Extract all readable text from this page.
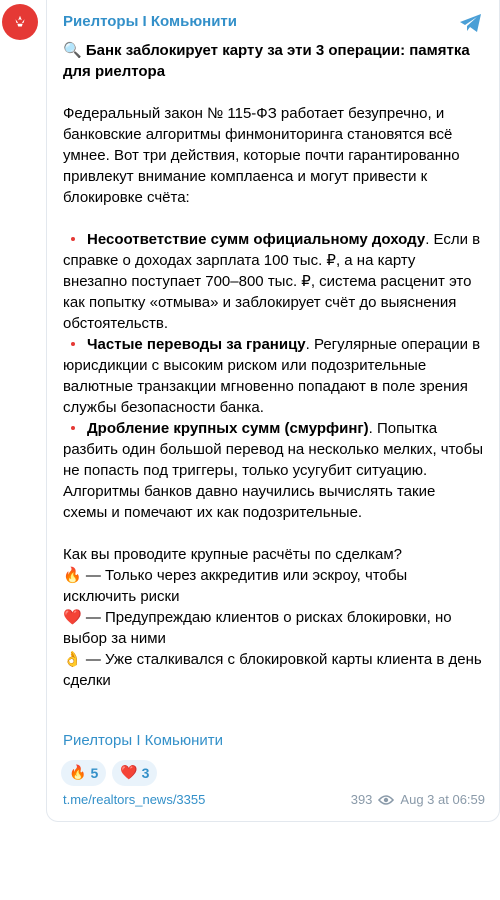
Риелторы I Комьюнити

🔍 Банк заблокирует карту за эти 3 операции: памятка для риелтора

Федеральный закон № 115-ФЗ работает безупречно, и банковские алгоритмы финмониторинга становятся всё умнее. Вот три действия, которые почти гарантированно привлекут внимание комплаенса и могут привести к блокировке счёта:

Несоответствие сумм официальному доходу. Если в справке о доходах зарплата 100 тыс. ₽, а на карту внезапно поступает 700–800 тыс. ₽, система расценит это как попытку «отмыва» и заблокирует счёт до выяснения обстоятельств.

Частые переводы за границу. Регулярные операции в юрисдикции с высоким риском или подозрительные валютные транзакции мгновенно попадают в поле зрения службы безопасности банка.

Дробление крупных сумм (смурфинг). Попытка разбить один большой перевод на несколько мелких, чтобы не попасть под триггеры, только усугубит ситуацию. Алгоритмы банков давно научились вычислять такие схемы и помечают их как подозрительные.

Как вы проводите крупные расчёты по сделкам?

🔥 — Только через аккредитив или эскроу, чтобы исключить риски

❤️ — Предупреждаю клиентов о рисках блокировки, но выбор за ними

👌 — Уже сталкивался с блокировкой карты клиента в день сделки

Риелторы I Комьюнити
🔥 5 ❤️ 3
t.me/realtors_news/3355	393 Aug 3 at 06:59
